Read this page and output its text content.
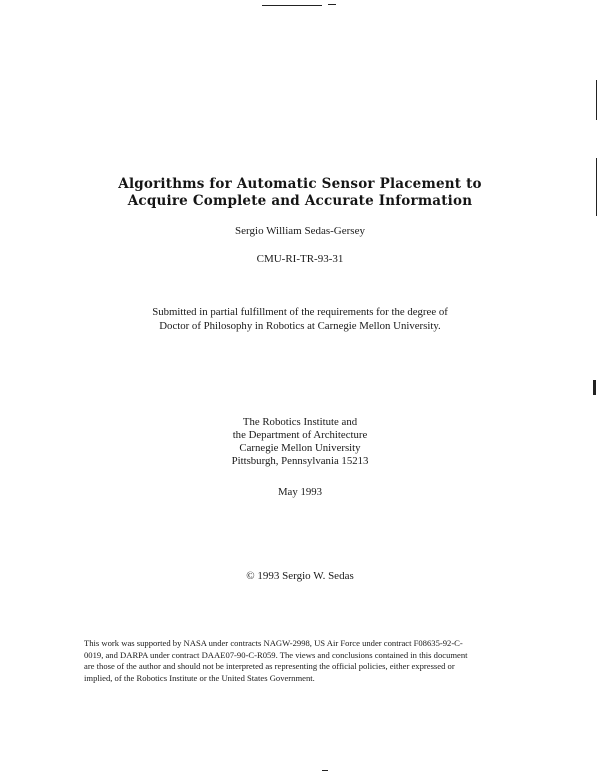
Algorithms for Automatic Sensor Placement to
Acquire Complete and Accurate Information
Sergio William Sedas-Gersey
CMU-RI-TR-93-31
Submitted in partial fulfillment of the requirements for the degree of
Doctor of Philosophy in Robotics at Carnegie Mellon University.
The Robotics Institute and
the Department of Architecture
Carnegie Mellon University
Pittsburgh, Pennsylvania 15213
May 1993
© 1993 Sergio W. Sedas
This work was supported by NASA under contracts NAGW-2998, US Air Force under contract F08635-92-C-
0019, and DARPA under contract DAAE07-90-C-R059. The views and conclusions contained in this document
are those of the author and should not be interpreted as representing the official policies, either expressed or
implied, of the Robotics Institute or the United States Government.
